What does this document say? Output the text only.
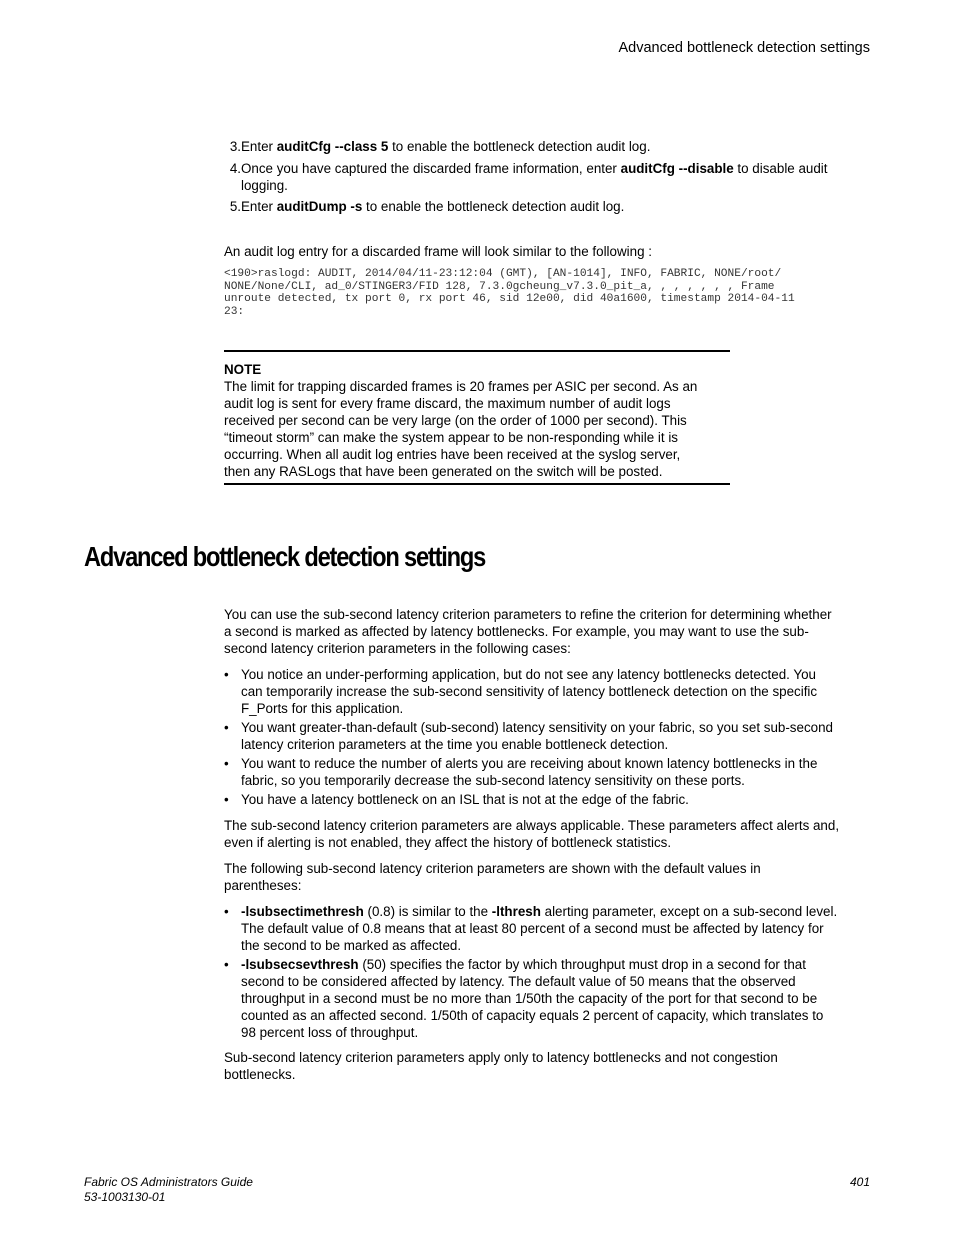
Advanced bottleneck detection settings
3. Enter auditCfg --class 5 to enable the bottleneck detection audit log.
4. Once you have captured the discarded frame information, enter auditCfg --disable to disable audit logging.
5. Enter auditDump -s to enable the bottleneck detection audit log.
An audit log entry for a discarded frame will look similar to the following :
<190>raslogd: AUDIT, 2014/04/11-23:12:04 (GMT), [AN-1014], INFO, FABRIC, NONE/root/
NONE/None/CLI, ad_0/STINGER3/FID 128, 7.3.0gcheung_v7.3.0_pit_a, , , , , , , Frame
unroute detected, tx port 0, rx port 46, sid 12e00, did 40a1600, timestamp 2014-04-11
23:
NOTE
The limit for trapping discarded frames is 20 frames per ASIC per second. As an
audit log is sent for every frame discard, the maximum number of audit logs
received per second can be very large (on the order of 1000 per second). This
“timeout storm” can make the system appear to be non-responding while it is
occurring. When all audit log entries have been received at the syslog server,
then any RASLogs that have been generated on the switch will be posted.
Advanced bottleneck detection settings
You can use the sub-second latency criterion parameters to refine the criterion for determining whether
a second is marked as affected by latency bottlenecks. For example, you may want to use the sub-
second latency criterion parameters in the following cases:
• You notice an under-performing application, but do not see any latency bottlenecks detected. You
can temporarily increase the sub-second sensitivity of latency bottleneck detection on the specific
F_Ports for this application.
• You want greater-than-default (sub-second) latency sensitivity on your fabric, so you set sub-second
latency criterion parameters at the time you enable bottleneck detection.
• You want to reduce the number of alerts you are receiving about known latency bottlenecks in the
fabric, so you temporarily decrease the sub-second latency sensitivity on these ports.
• You have a latency bottleneck on an ISL that is not at the edge of the fabric.
The sub-second latency criterion parameters are always applicable. These parameters affect alerts and,
even if alerting is not enabled, they affect the history of bottleneck statistics.
The following sub-second latency criterion parameters are shown with the default values in
parentheses:
• -lsubsectimethresh (0.8) is similar to the -lthresh alerting parameter, except on a sub-second level.
The default value of 0.8 means that at least 80 percent of a second must be affected by latency for
the second to be marked as affected.
• -lsubsecsevthresh (50) specifies the factor by which throughput must drop in a second for that
second to be considered affected by latency. The default value of 50 means that the observed
throughput in a second must be no more than 1/50th the capacity of the port for that second to be
counted as an affected second. 1/50th of capacity equals 2 percent of capacity, which translates to
98 percent loss of throughput.
Sub-second latency criterion parameters apply only to latency bottlenecks and not congestion
bottlenecks.
Fabric OS Administrators Guide
53-1003130-01
401
